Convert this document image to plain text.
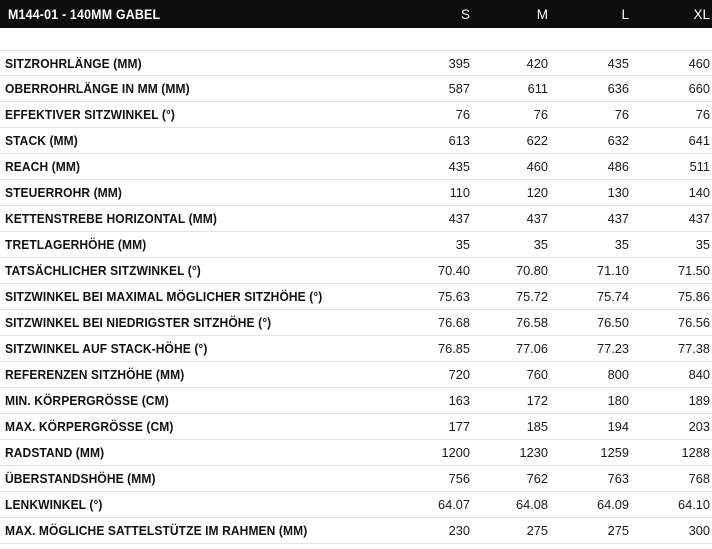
M144-01 - 140MM GABEL	S	M	L	XL
SITZROHRLÄNGE (MM)	395	420	435	460
OBERROHRLÄNGE IN MM (MM)	587	611	636	660
EFFEKTIVER SITZWINKEL (°)	76	76	76	76
STACK (MM)	613	622	632	641
REACH (MM)	435	460	486	511
STEUERROHR (MM)	110	120	130	140
KETTENSTREBE HORIZONTAL (MM)	437	437	437	437
TRETLAGERHÖHE (MM)	35	35	35	35
TATSÄCHLICHER SITZWINKEL (°)	70.40	70.80	71.10	71.50
SITZWINKEL BEI MAXIMAL MÖGLICHER SITZHÖHE (°)	75.63	75.72	75.74	75.86
SITZWINKEL BEI NIEDRIGSTER SITZHÖHE (°)	76.68	76.58	76.50	76.56
SITZWINKEL AUF STACK-HÖHE (°)	76.85	77.06	77.23	77.38
REFERENZEN SITZHÖHE (MM)	720	760	800	840
MIN. KÖRPERGRÖSSE (CM)	163	172	180	189
MAX. KÖRPERGRÖSSE (CM)	177	185	194	203
RADSTAND (MM)	1200	1230	1259	1288
ÜBERSTANDSHÖHE (MM)	756	762	763	768
LENKWINKEL (°)	64.07	64.08	64.09	64.10
MAX. MÖGLICHE SATTELSTÜTZE IM RAHMEN (MM)	230	275	275	300
